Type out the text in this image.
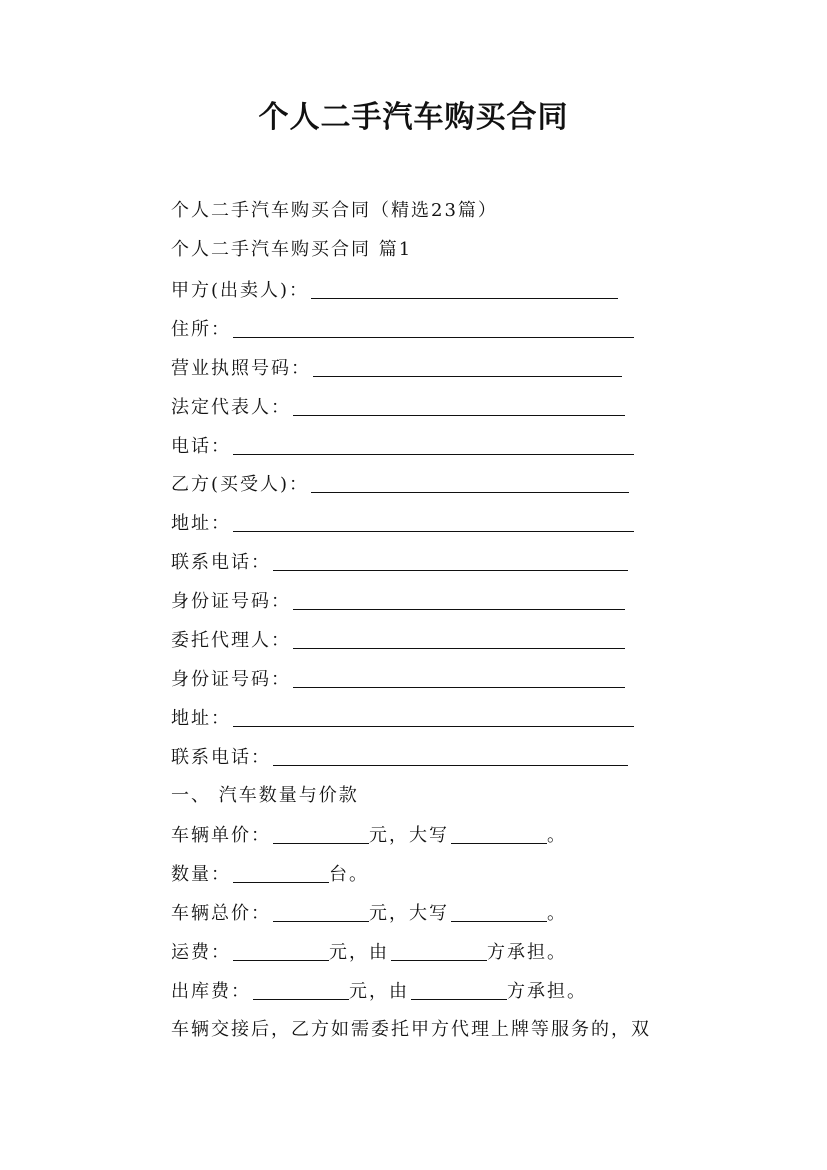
个人二手汽车购买合同
个人二手汽车购买合同（精选23篇）
个人二手汽车购买合同 篇1
甲方(出卖人)：
住所：
营业执照号码：
法定代表人：
电话：
乙方(买受人)：
地址：
联系电话：
身份证号码：
委托代理人：
身份证号码：
地址：
联系电话：
一、 汽车数量与价款
车辆单价：	元，大写	。
数量：	台。
车辆总价：	元，大写	。
运费：	元，由	方承担。
出库费：	元，由	方承担。
车辆交接后，乙方如需委托甲方代理上牌等服务的，双
